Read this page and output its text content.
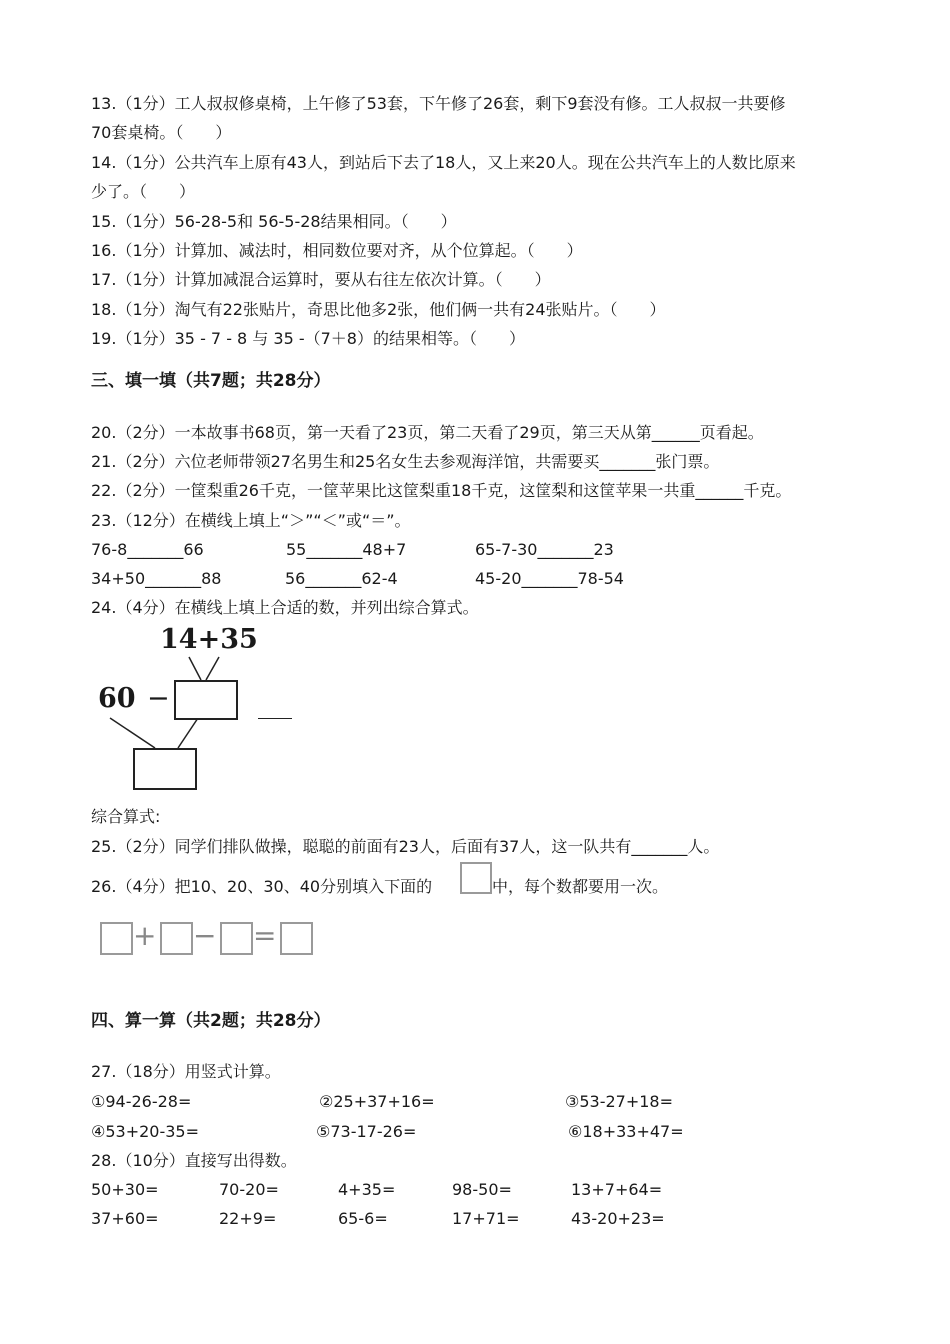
13.（1分）工人叔叔修桌椅，上午修了53套，下午修了26套，剩下9套没有修。工人叔叔一共要修
70套桌椅。（　　）
14.（1分）公共汽车上原有43人，到站后下去了18人，又上来20人。现在公共汽车上的人数比原来
少了。（　　）
15.（1分）56-28-5和 56-5-28结果相同。（　　）
16.（1分）计算加、减法时，相同数位要对齐，从个位算起。（　　）
17.（1分）计算加减混合运算时，要从右往左依次计算。（　　）
18.（1分）淘气有22张贴片，奇思比他多2张，他们俩一共有24张贴片。（　　）
19.（1分）35 - 7 - 8 与 35 -（7＋8）的结果相等。（　　）
三、填一填（共7题；共28分）
20.（2分）一本故事书68页，第一天看了23页，第二天看了29页，第三天从第______页看起。
21.（2分）六位老师带领27名男生和25名女生去参观海洋馆，共需要买_______张门票。
22.（2分）一筐梨重26千克，一筐苹果比这筐梨重18千克，这筐梨和这筐苹果一共重______千克。
23.（12分）在横线上填上“＞”“＜”或“＝”。
76-8_______66	55_______48+7	65-7-30_______23
34+50_______88	56_______62-4	45-20_______78-54
24.（4分）在横线上填上合适的数，并列出综合算式。
14+35
60 −
综合算式:
25.（2分）同学们排队做操，聪聪的前面有23人，后面有37人，这一队共有_______人。
26.（4分）把10、20、30、40分别填入下面的	中，每个数都要用一次。
+ − =
四、算一算（共2题；共28分）
27.（18分）用竖式计算。
①94-26-28=	②25+37+16=	③53-27+18=
④53+20-35=	⑤73-17-26=	⑥18+33+47=
28.（10分）直接写出得数。
50+30=	70-20=	4+35=	98-50=	13+7+64=
37+60=	22+9=	65-6=	17+71=	43-20+23=
